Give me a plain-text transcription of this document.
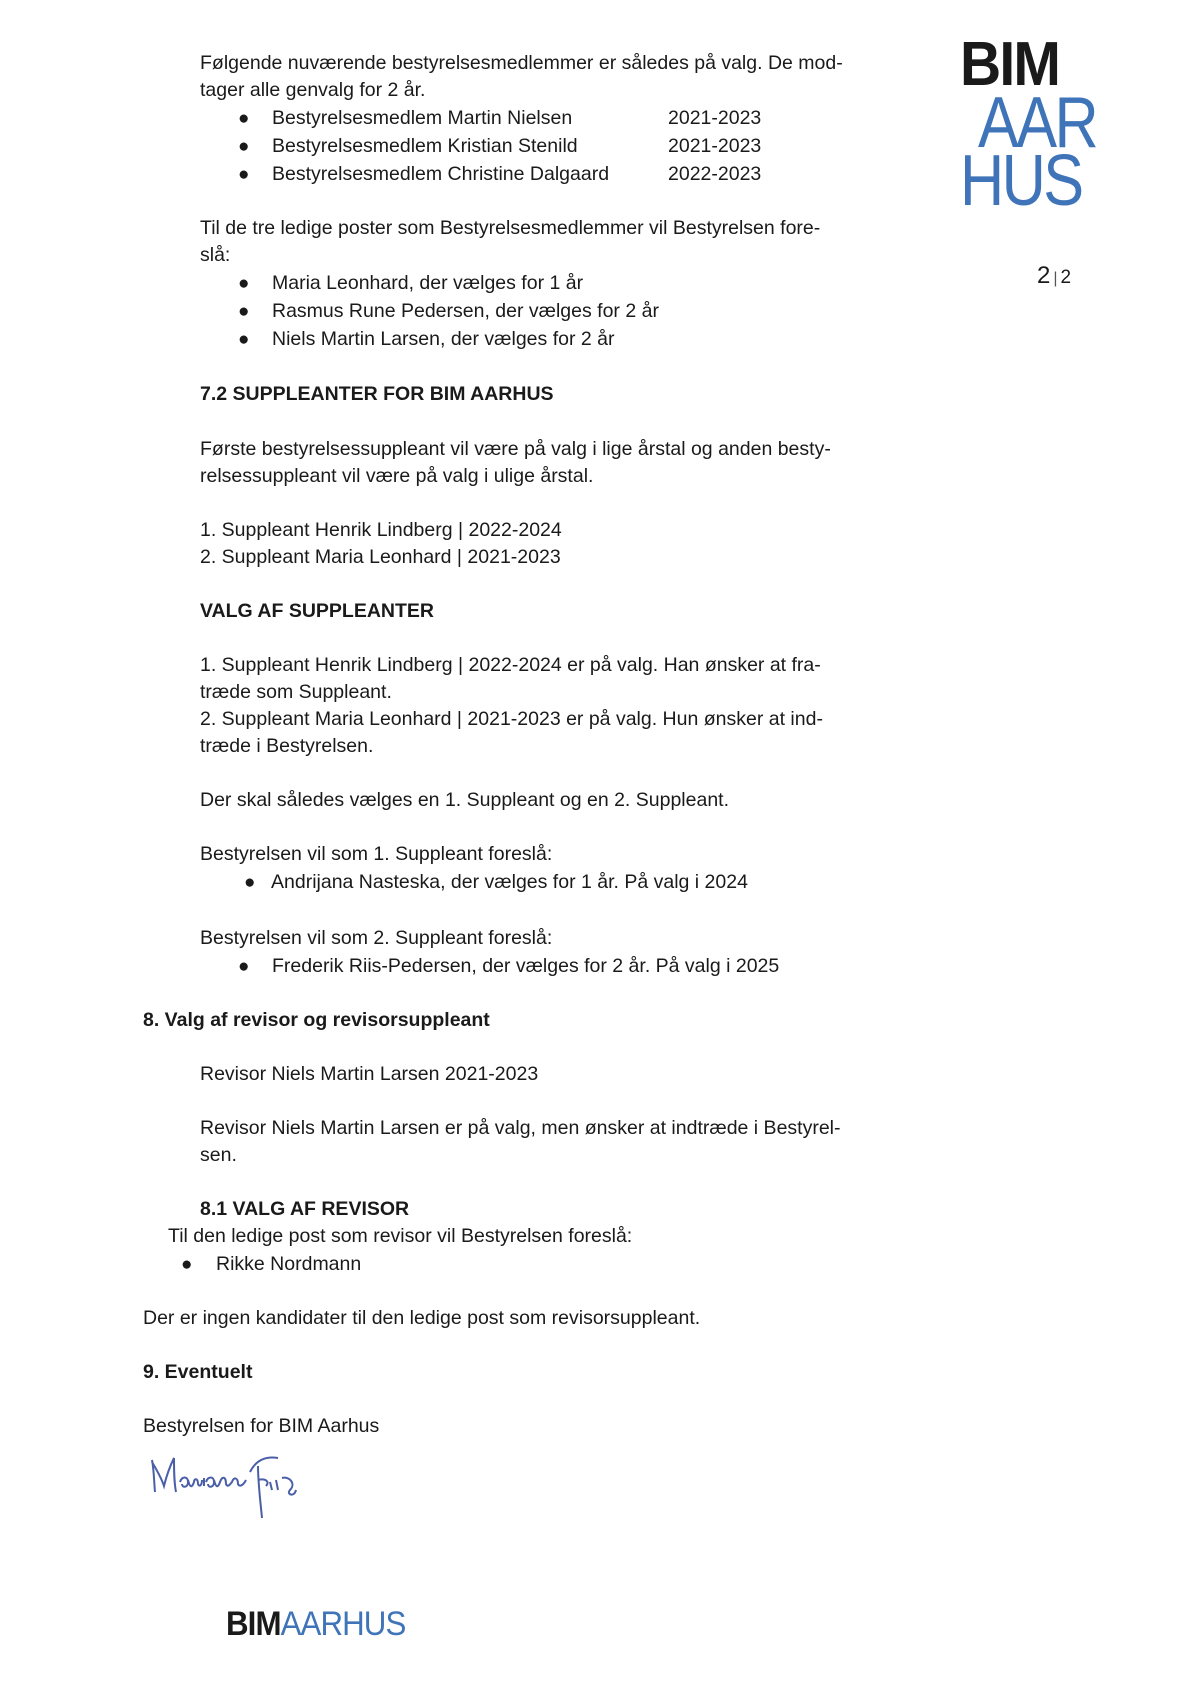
BIM
AAR
HUS
2 | 2
Følgende nuværende bestyrelsesmedlemmer er således på valg. De mod-
tager alle genvalg for 2 år.
● Bestyrelsesmedlem Martin Nielsen	2021-2023
● Bestyrelsesmedlem Kristian Stenild	2021-2023
● Bestyrelsesmedlem Christine Dalgaard	2022-2023
Til de tre ledige poster som Bestyrelsesmedlemmer vil Bestyrelsen fore-
slå:
● Maria Leonhard, der vælges for 1 år
● Rasmus Rune Pedersen, der vælges for 2 år
● Niels Martin Larsen, der vælges for 2 år
7.2 SUPPLEANTER FOR BIM AARHUS
Første bestyrelsessuppleant vil være på valg i lige årstal og anden besty-
relsessuppleant vil være på valg i ulige årstal.
1. Suppleant Henrik Lindberg | 2022-2024
2. Suppleant Maria Leonhard | 2021-2023
VALG AF SUPPLEANTER
1. Suppleant Henrik Lindberg | 2022-2024 er på valg. Han ønsker at fra-
træde som Suppleant.
2. Suppleant Maria Leonhard | 2021-2023 er på valg. Hun ønsker at ind-
træde i Bestyrelsen.
Der skal således vælges en 1. Suppleant og en 2. Suppleant.
Bestyrelsen vil som 1. Suppleant foreslå:
● Andrijana Nasteska, der vælges for 1 år. På valg i 2024
Bestyrelsen vil som 2. Suppleant foreslå:
● Frederik Riis-Pedersen, der vælges for 2 år. På valg i 2025
8. Valg af revisor og revisorsuppleant
Revisor Niels Martin Larsen 2021-2023
Revisor Niels Martin Larsen er på valg, men ønsker at indtræde i Bestyrel-
sen.
8.1 VALG AF REVISOR
Til den ledige post som revisor vil Bestyrelsen foreslå:
● Rikke Nordmann
Der er ingen kandidater til den ledige post som revisorsuppleant.
9. Eventuelt
Bestyrelsen for BIM Aarhus
BIMAARHUS
